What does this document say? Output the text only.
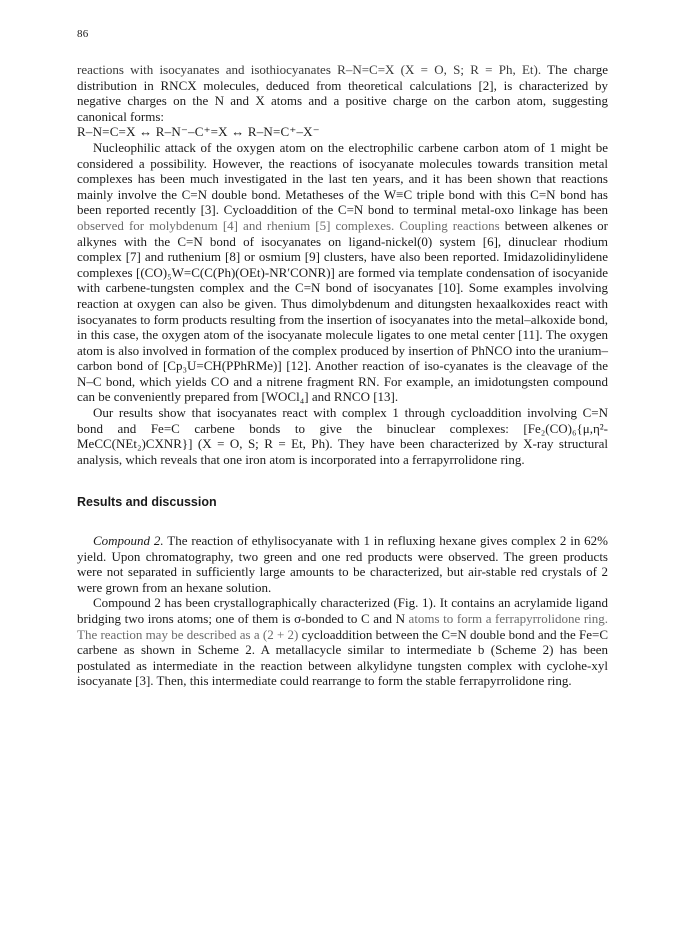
86

reactions with isocyanates and isothiocyanates R–N=C=X (X = O, S; R = Ph, Et). The charge distribution in RNCX molecules, deduced from theoretical calculations [2], is characterized by negative charges on the N and X atoms and a positive charge on the carbon atom, suggesting canonical forms:

R–N=C=X ↔ R–N⁻–C⁺=X ↔ R–N=C⁺–X⁻

Nucleophilic attack of the oxygen atom on the electrophilic carbene carbon atom of 1 might be considered a possibility. However, the reactions of isocyanate molecules towards transition metal complexes has been much investigated in the last ten years, and it has been shown that reactions mainly involve the C=N double bond. Metatheses of the W≡C triple bond with this C=N bond has been reported recently [3]. Cycloaddition of the C=N bond to terminal metal-oxo linkage has been observed for molybdenum [4] and rhenium [5] complexes. Coupling reactions between alkenes or alkynes with the C=N bond of isocyanates on ligand-nickel(0) system [6], dinuclear rhodium complex [7] and ruthenium [8] or osmium [9] clusters, have also been reported. Imidazolidinylidene complexes [(CO)₅W=C(C(Ph)(OEt)-NR′CONR)] are formed via template condensation of isocyanide with carbene-tungsten complex and the C=N bond of isocyanates [10]. Some examples involving reaction at oxygen can also be given. Thus dimolybdenum and ditungsten hexaalkoxides react with isocyanates to form products resulting from the insertion of isocyanates into the metal–alkoxide bond, in this case, the oxygen atom of the isocyanate molecule ligates to one metal center [11]. The oxygen atom is also involved in formation of the complex produced by insertion of PhNCO into the uranium–carbon bond of [Cp₃U=CH(PPhRMe)] [12]. Another reaction of iso-cyanates is the cleavage of the N–C bond, which yields CO and a nitrene fragment RN. For example, an imidotungsten compound can be conveniently prepared from [WOCl₄] and RNCO [13].

Our results show that isocyanates react with complex 1 through cycloaddition involving C=N bond and Fe=C carbene bonds to give the binuclear complexes: [Fe₂(CO)₆{μ,η²-MeCC(NEt₂)CXNR}] (X = O, S; R = Et, Ph). They have been characterized by X-ray structural analysis, which reveals that one iron atom is incorporated into a ferrapyrrolidone ring.

Results and discussion

Compound 2. The reaction of ethylisocyanate with 1 in refluxing hexane gives complex 2 in 62% yield. Upon chromatography, two green and one red products were observed. The green products were not separated in sufficiently large amounts to be characterized, but air-stable red crystals of 2 were grown from an hexane solution.

Compound 2 has been crystallographically characterized (Fig. 1). It contains an acrylamide ligand bridging two irons atoms; one of them is σ-bonded to C and N atoms to form a ferrapyrrolidone ring. The reaction may be described as a (2 + 2) cycloaddition between the C=N double bond and the Fe=C carbene as shown in Scheme 2. A metallacycle similar to intermediate b (Scheme 2) has been postulated as intermediate in the reaction between alkylidyne tungsten complex with cyclohe-xyl isocyanate [3]. Then, this intermediate could rearrange to form the stable ferrapyrrolidone ring.
